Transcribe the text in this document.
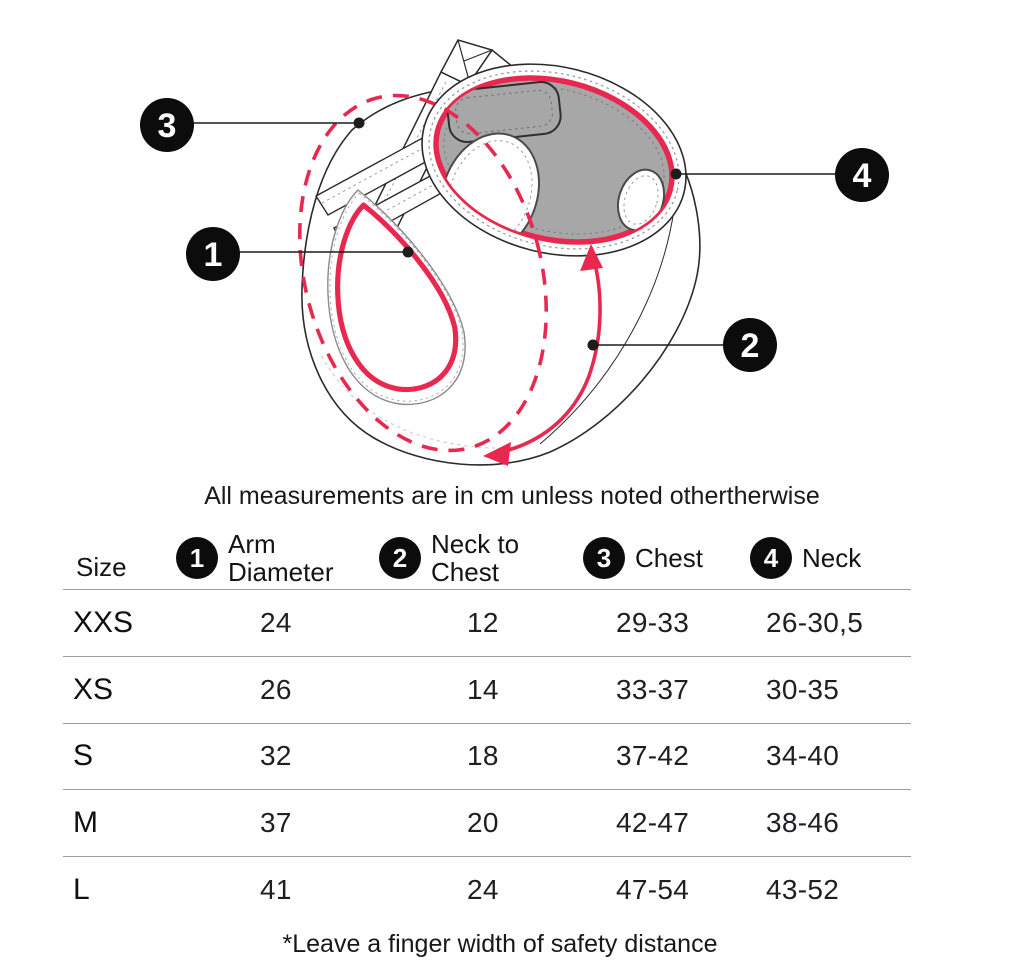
3
1
4
2
All measurements are in cm unless noted othertherwise
Size	1 Arm Diameter	2 Neck to Chest	3 Chest	4 Neck
XXS	24	12	29-33	26-30,5
XS	26	14	33-37	30-35
S	32	18	37-42	34-40
M	37	20	42-47	38-46
L	41	24	47-54	43-52
*Leave a finger width of safety distance
